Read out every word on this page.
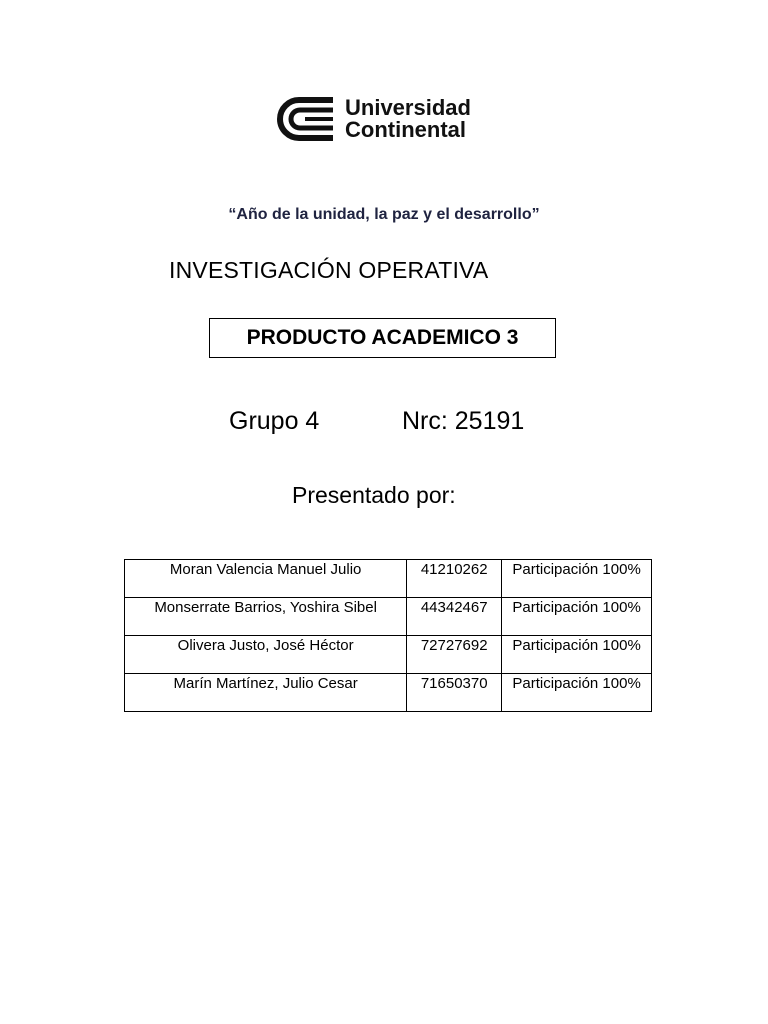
Universidad
Continental
“Año de la unidad, la paz y el desarrollo”
INVESTIGACIÓN OPERATIVA
PRODUCTO ACADEMICO 3
Grupo 4	Nrc: 25191
Presentado por:
Moran Valencia Manuel Julio	41210262	Participación 100%
Monserrate Barrios, Yoshira Sibel	44342467	Participación 100%
Olivera Justo, José Héctor	72727692	Participación 100%
Marín Martínez, Julio Cesar	71650370	Participación 100%
